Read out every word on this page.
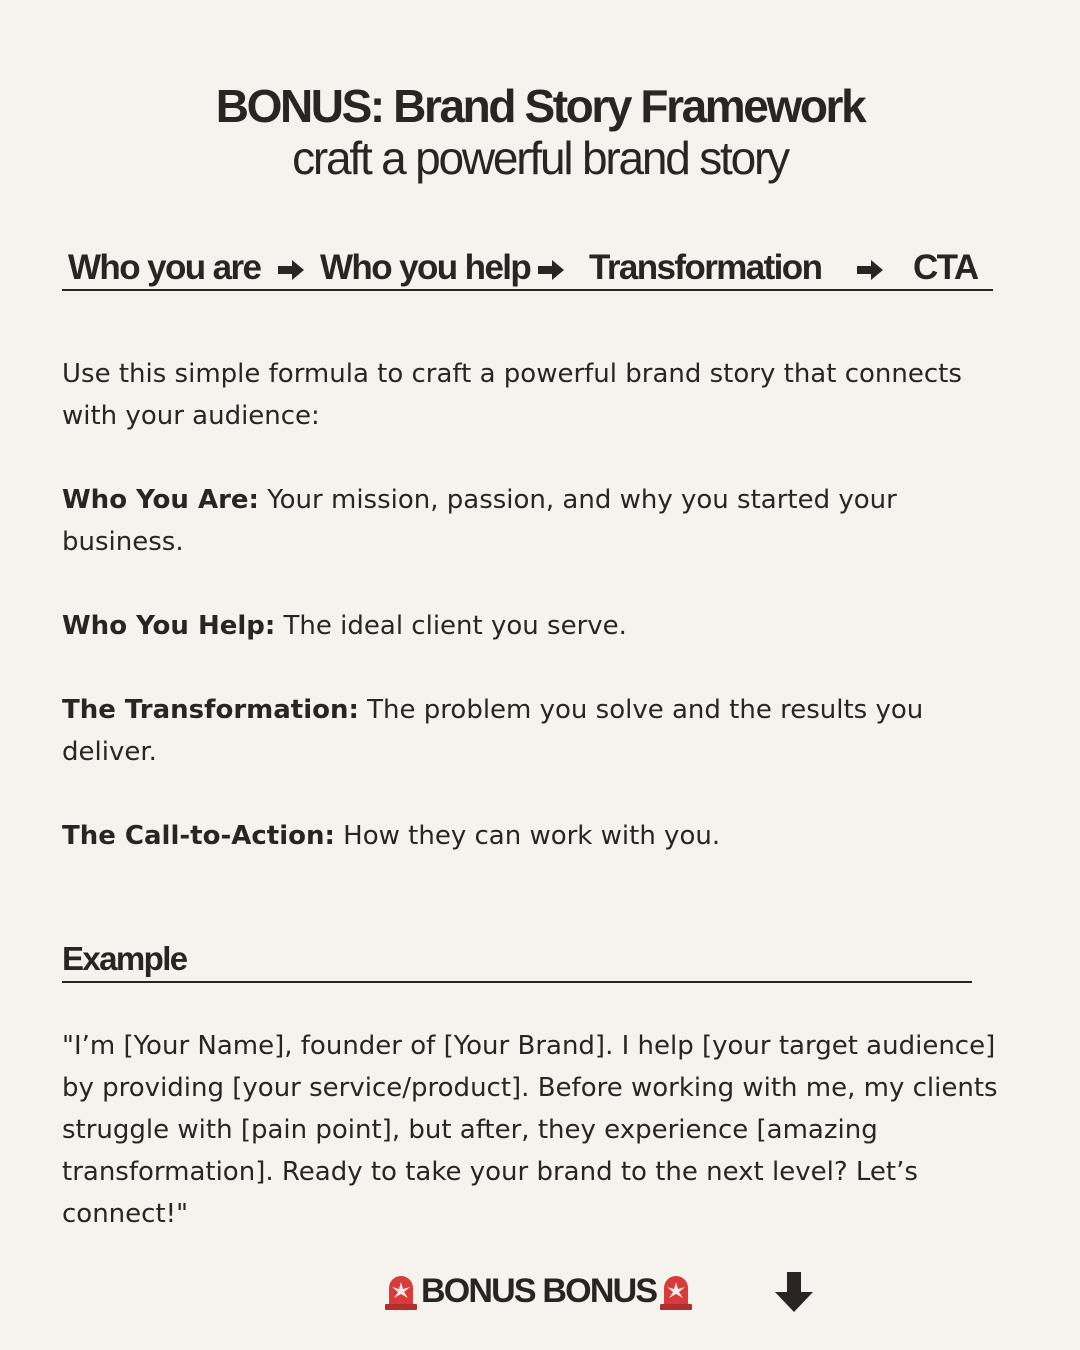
BONUS: Brand Story Framework
craft a powerful brand story
Who you are Who you help Transformation	CTA
Use this simple formula to craft a powerful brand story that connects with your audience:
Who You Are: Your mission, passion, and why you started your business.
Who You Help: The ideal client you serve.
The Transformation: The problem you solve and the results you deliver.
The Call-to-Action: How they can work with you.
Example
"I’m [Your Name], founder of [Your Brand]. I help [your target audience] by providing [your service/product]. Before working with me, my clients struggle with [pain point], but after, they experience [amazing transformation]. Ready to take your brand to the next level? Let’s connect!"
BONUS BONUS
